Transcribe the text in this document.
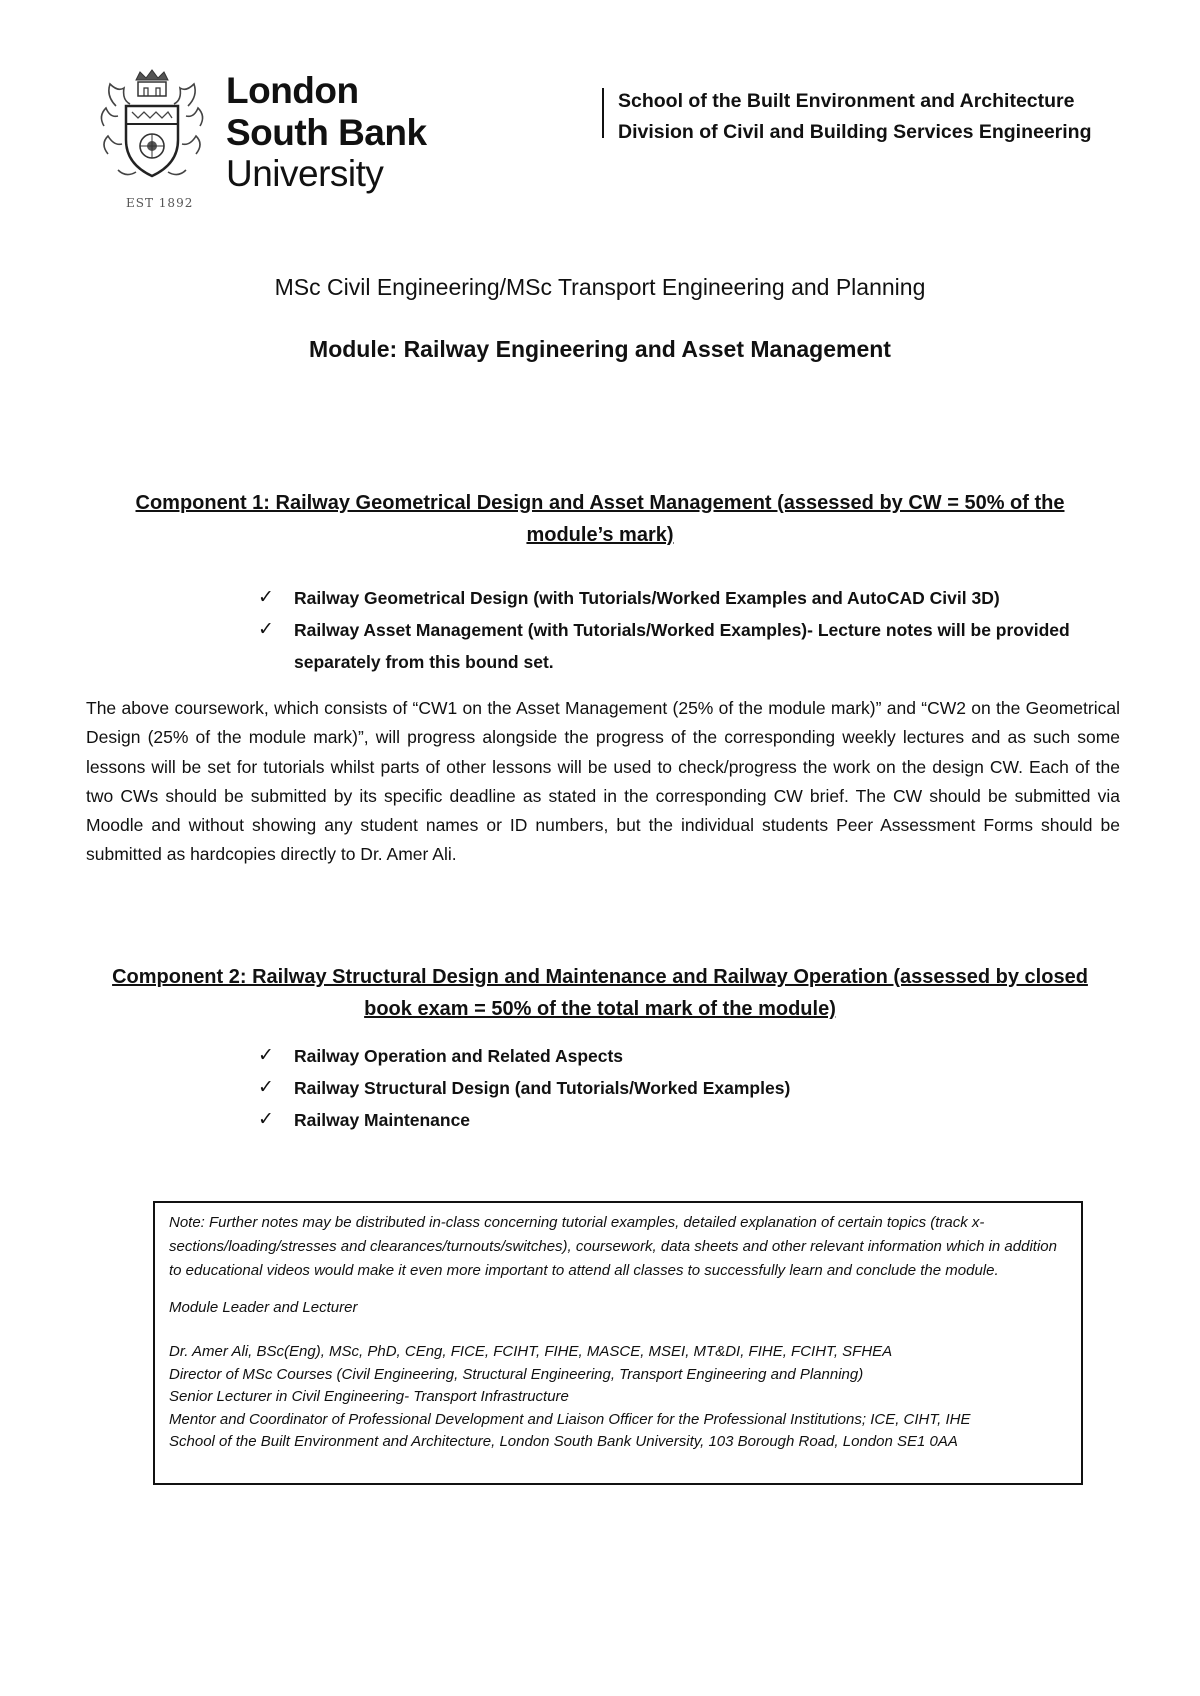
London
South Bank
University
EST 1892
School of the Built Environment and Architecture
Division of Civil and Building Services Engineering
MSc Civil Engineering/MSc Transport Engineering and Planning
Module: Railway Engineering and Asset Management
Component 1: Railway Geometrical Design and Asset Management (assessed by CW = 50% of the
module’s mark)
✓ Railway Geometrical Design (with Tutorials/Worked Examples and AutoCAD Civil 3D)
✓ Railway Asset Management (with Tutorials/Worked Examples)- Lecture notes will be provided separately from this bound set.

The above coursework, which consists of “CW1 on the Asset Management (25% of the module mark)” and “CW2 on the Geometrical Design (25% of the module mark)”, will progress alongside the progress of the corresponding weekly lectures and as such some lessons will be set for tutorials whilst parts of other lessons will be used to check/progress the work on the design CW. Each of the two CWs should be submitted by its specific deadline as stated in the corresponding CW brief. The CW should be submitted via Moodle and without showing any student names or ID numbers, but the individual students Peer Assessment Forms should be submitted as hardcopies directly to Dr. Amer Ali.

Component 2: Railway Structural Design and Maintenance and Railway Operation (assessed by closed
book exam = 50% of the total mark of the module)
✓ Railway Operation and Related Aspects
✓ Railway Structural Design (and Tutorials/Worked Examples)
✓ Railway Maintenance

Note: Further notes may be distributed in-class concerning tutorial examples, detailed explanation of certain topics (track x-sections/loading/stresses and clearances/turnouts/switches), coursework, data sheets and other relevant information which in addition to educational videos would make it even more important to attend all classes to successfully learn and conclude the module.

Module Leader and Lecturer

Dr. Amer Ali, BSc(Eng), MSc, PhD, CEng, FICE, FCIHT, FIHE, MASCE, MSEI, MT&DI, FIHE, FCIHT, SFHEA

Director of MSc Courses (Civil Engineering, Structural Engineering, Transport Engineering and Planning)

Senior Lecturer in Civil Engineering- Transport Infrastructure

Mentor and Coordinator of Professional Development and Liaison Officer for the Professional Institutions; ICE, CIHT, IHE

School of the Built Environment and Architecture, London South Bank University, 103 Borough Road, London SE1 0AA
